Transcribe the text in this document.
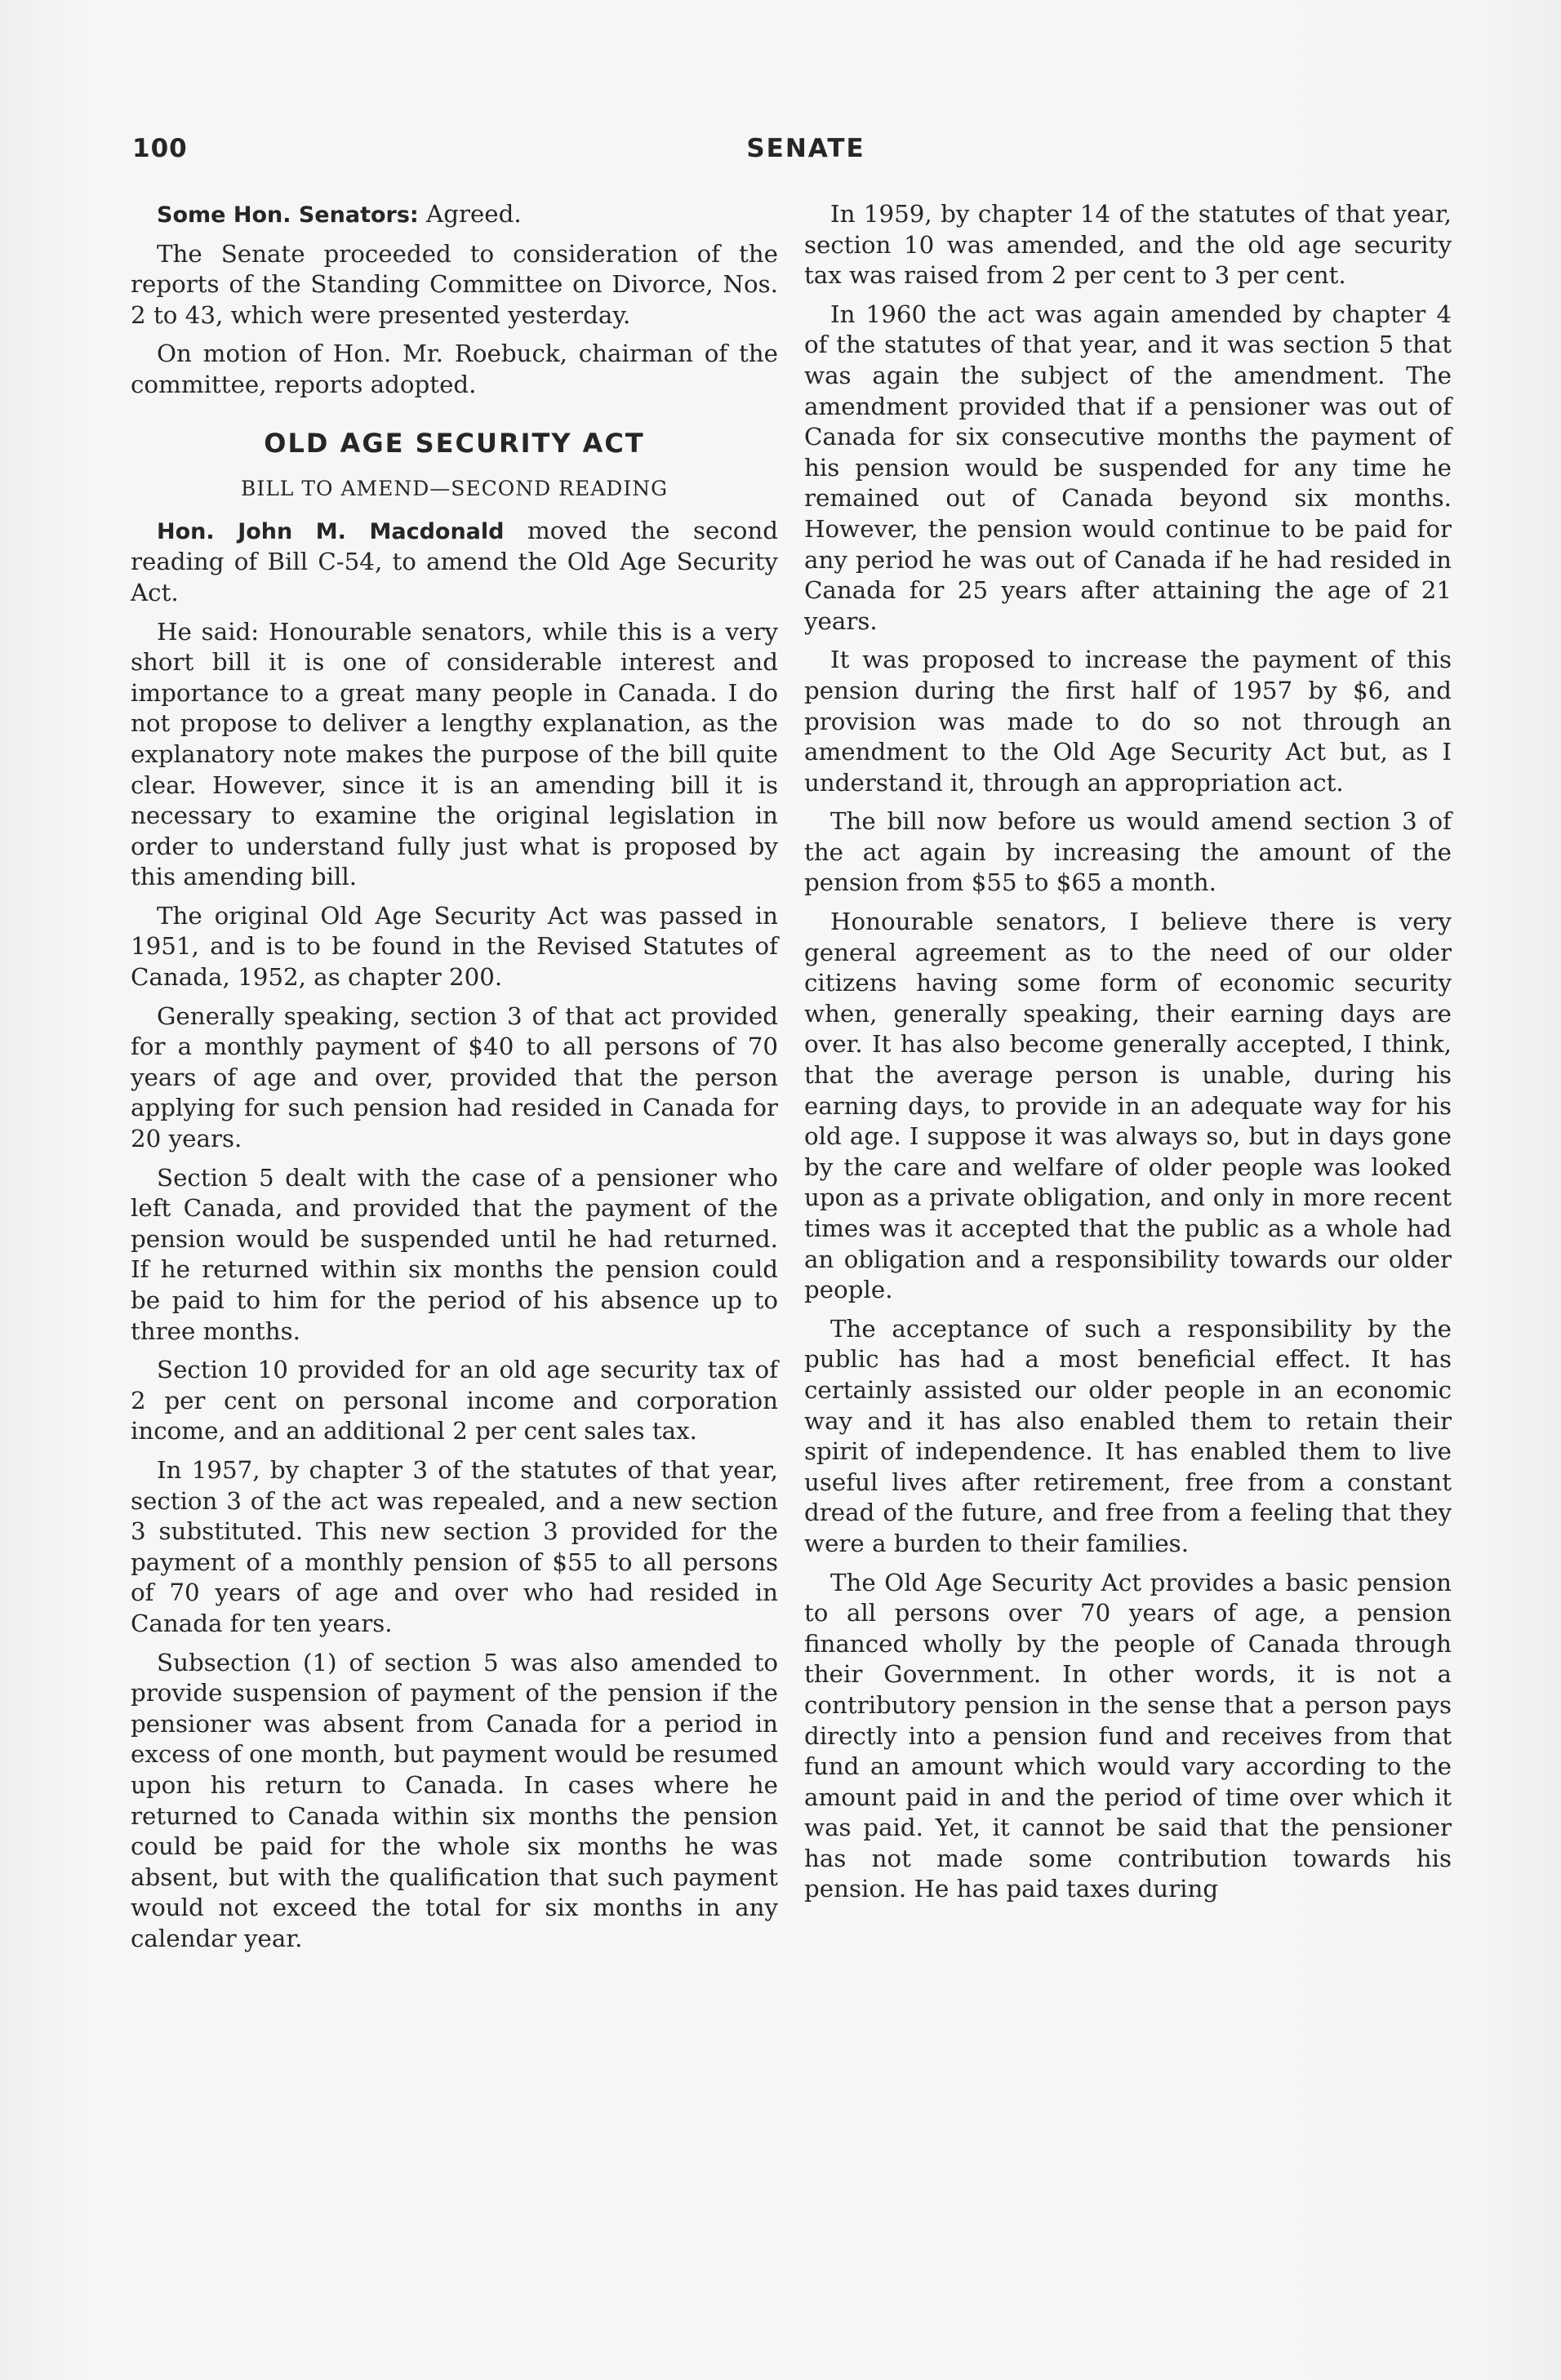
100	SENATE

Some Hon. Senators: Agreed.

The Senate proceeded to consideration of the reports of the Standing Committee on Divorce, Nos. 2 to 43, which were presented yesterday.

On motion of Hon. Mr. Roebuck, chairman of the committee, reports adopted.

OLD AGE SECURITY ACT
BILL TO AMEND—SECOND READING

Hon. John M. Macdonald moved the second reading of Bill C-54, to amend the Old Age Security Act.

He said: Honourable senators, while this is a very short bill it is one of considerable interest and importance to a great many people in Canada. I do not propose to deliver a lengthy explanation, as the explanatory note makes the purpose of the bill quite clear. However, since it is an amending bill it is necessary to examine the original legislation in order to understand fully just what is proposed by this amending bill.

The original Old Age Security Act was passed in 1951, and is to be found in the Revised Statutes of Canada, 1952, as chapter 200.

Generally speaking, section 3 of that act provided for a monthly payment of $40 to all persons of 70 years of age and over, provided that the person applying for such pension had resided in Canada for 20 years.

Section 5 dealt with the case of a pensioner who left Canada, and provided that the payment of the pension would be suspended until he had returned. If he returned within six months the pension could be paid to him for the period of his absence up to three months.

Section 10 provided for an old age security tax of 2 per cent on personal income and corporation income, and an additional 2 per cent sales tax.

In 1957, by chapter 3 of the statutes of that year, section 3 of the act was repealed, and a new section 3 substituted. This new section 3 provided for the payment of a monthly pension of $55 to all persons of 70 years of age and over who had resided in Canada for ten years.

Subsection (1) of section 5 was also amended to provide suspension of payment of the pension if the pensioner was absent from Canada for a period in excess of one month, but payment would be resumed upon his return to Canada. In cases where he returned to Canada within six months the pension could be paid for the whole six months he was absent, but with the qualification that such payment would not exceed the total for six months in any calendar year.

In 1959, by chapter 14 of the statutes of that year, section 10 was amended, and the old age security tax was raised from 2 per cent to 3 per cent.

In 1960 the act was again amended by chapter 4 of the statutes of that year, and it was section 5 that was again the subject of the amendment. The amendment provided that if a pensioner was out of Canada for six consecutive months the payment of his pension would be suspended for any time he remained out of Canada beyond six months. However, the pension would continue to be paid for any period he was out of Canada if he had resided in Canada for 25 years after attaining the age of 21 years.

It was proposed to increase the payment of this pension during the first half of 1957 by $6, and provision was made to do so not through an amendment to the Old Age Security Act but, as I understand it, through an appropriation act.

The bill now before us would amend section 3 of the act again by increasing the amount of the pension from $55 to $65 a month.

Honourable senators, I believe there is very general agreement as to the need of our older citizens having some form of economic security when, generally speaking, their earning days are over. It has also become generally accepted, I think, that the average person is unable, during his earning days, to provide in an adequate way for his old age. I suppose it was always so, but in days gone by the care and welfare of older people was looked upon as a private obligation, and only in more recent times was it accepted that the public as a whole had an obligation and a responsibility towards our older people.

The acceptance of such a responsibility by the public has had a most beneficial effect. It has certainly assisted our older people in an economic way and it has also enabled them to retain their spirit of independence. It has enabled them to live useful lives after retirement, free from a constant dread of the future, and free from a feeling that they were a burden to their families.

The Old Age Security Act provides a basic pension to all persons over 70 years of age, a pension financed wholly by the people of Canada through their Government. In other words, it is not a contributory pension in the sense that a person pays directly into a pension fund and receives from that fund an amount which would vary according to the amount paid in and the period of time over which it was paid. Yet, it cannot be said that the pensioner has not made some contribution towards his pension. He has paid taxes during
